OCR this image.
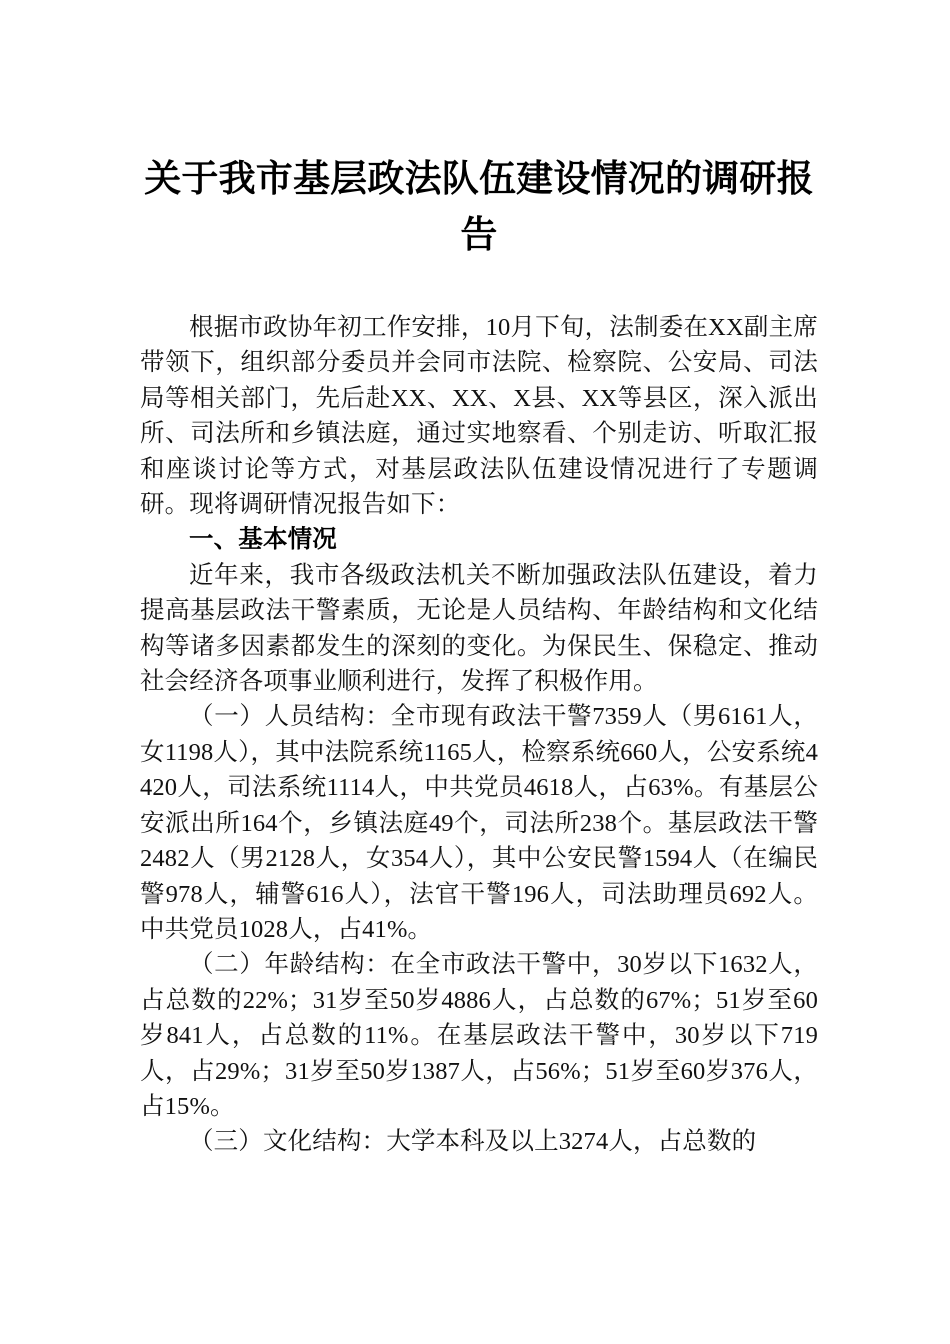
关于我市基层政法队伍建设情况的调研报告

根据市政协年初工作安排，10月下旬，法制委在XX副主席带领下，组织部分委员并会同市法院、检察院、公安局、司法局等相关部门，先后赴XX、XX、X县、XX等县区，深入派出所、司法所和乡镇法庭，通过实地察看、个别走访、听取汇报和座谈讨论等方式，对基层政法队伍建设情况进行了专题调研。现将调研情况报告如下：

一、基本情况

近年来，我市各级政法机关不断加强政法队伍建设，着力提高基层政法干警素质，无论是人员结构、年龄结构和文化结构等诸多因素都发生的深刻的变化。为保民生、保稳定、推动社会经济各项事业顺利进行，发挥了积极作用。

（一）人员结构：全市现有政法干警7359人（男6161人，女1198人），其中法院系统1165人，检察系统660人，公安系统4420人，司法系统1114人，中共党员4618人，占63%。有基层公安派出所164个，乡镇法庭49个，司法所238个。基层政法干警2482人（男2128人，女354人），其中公安民警1594人（在编民警978人，辅警616人），法官干警196人，司法助理员692人。中共党员1028人，占41%。

（二）年龄结构：在全市政法干警中，30岁以下1632人，占总数的22%；31岁至50岁4886人，占总数的67%；51岁至60岁841人，占总数的11%。在基层政法干警中，30岁以下719人，占29%；31岁至50岁1387人，占56%；51岁至60岁376人，占15%。

（三）文化结构：大学本科及以上3274人，占总数的
